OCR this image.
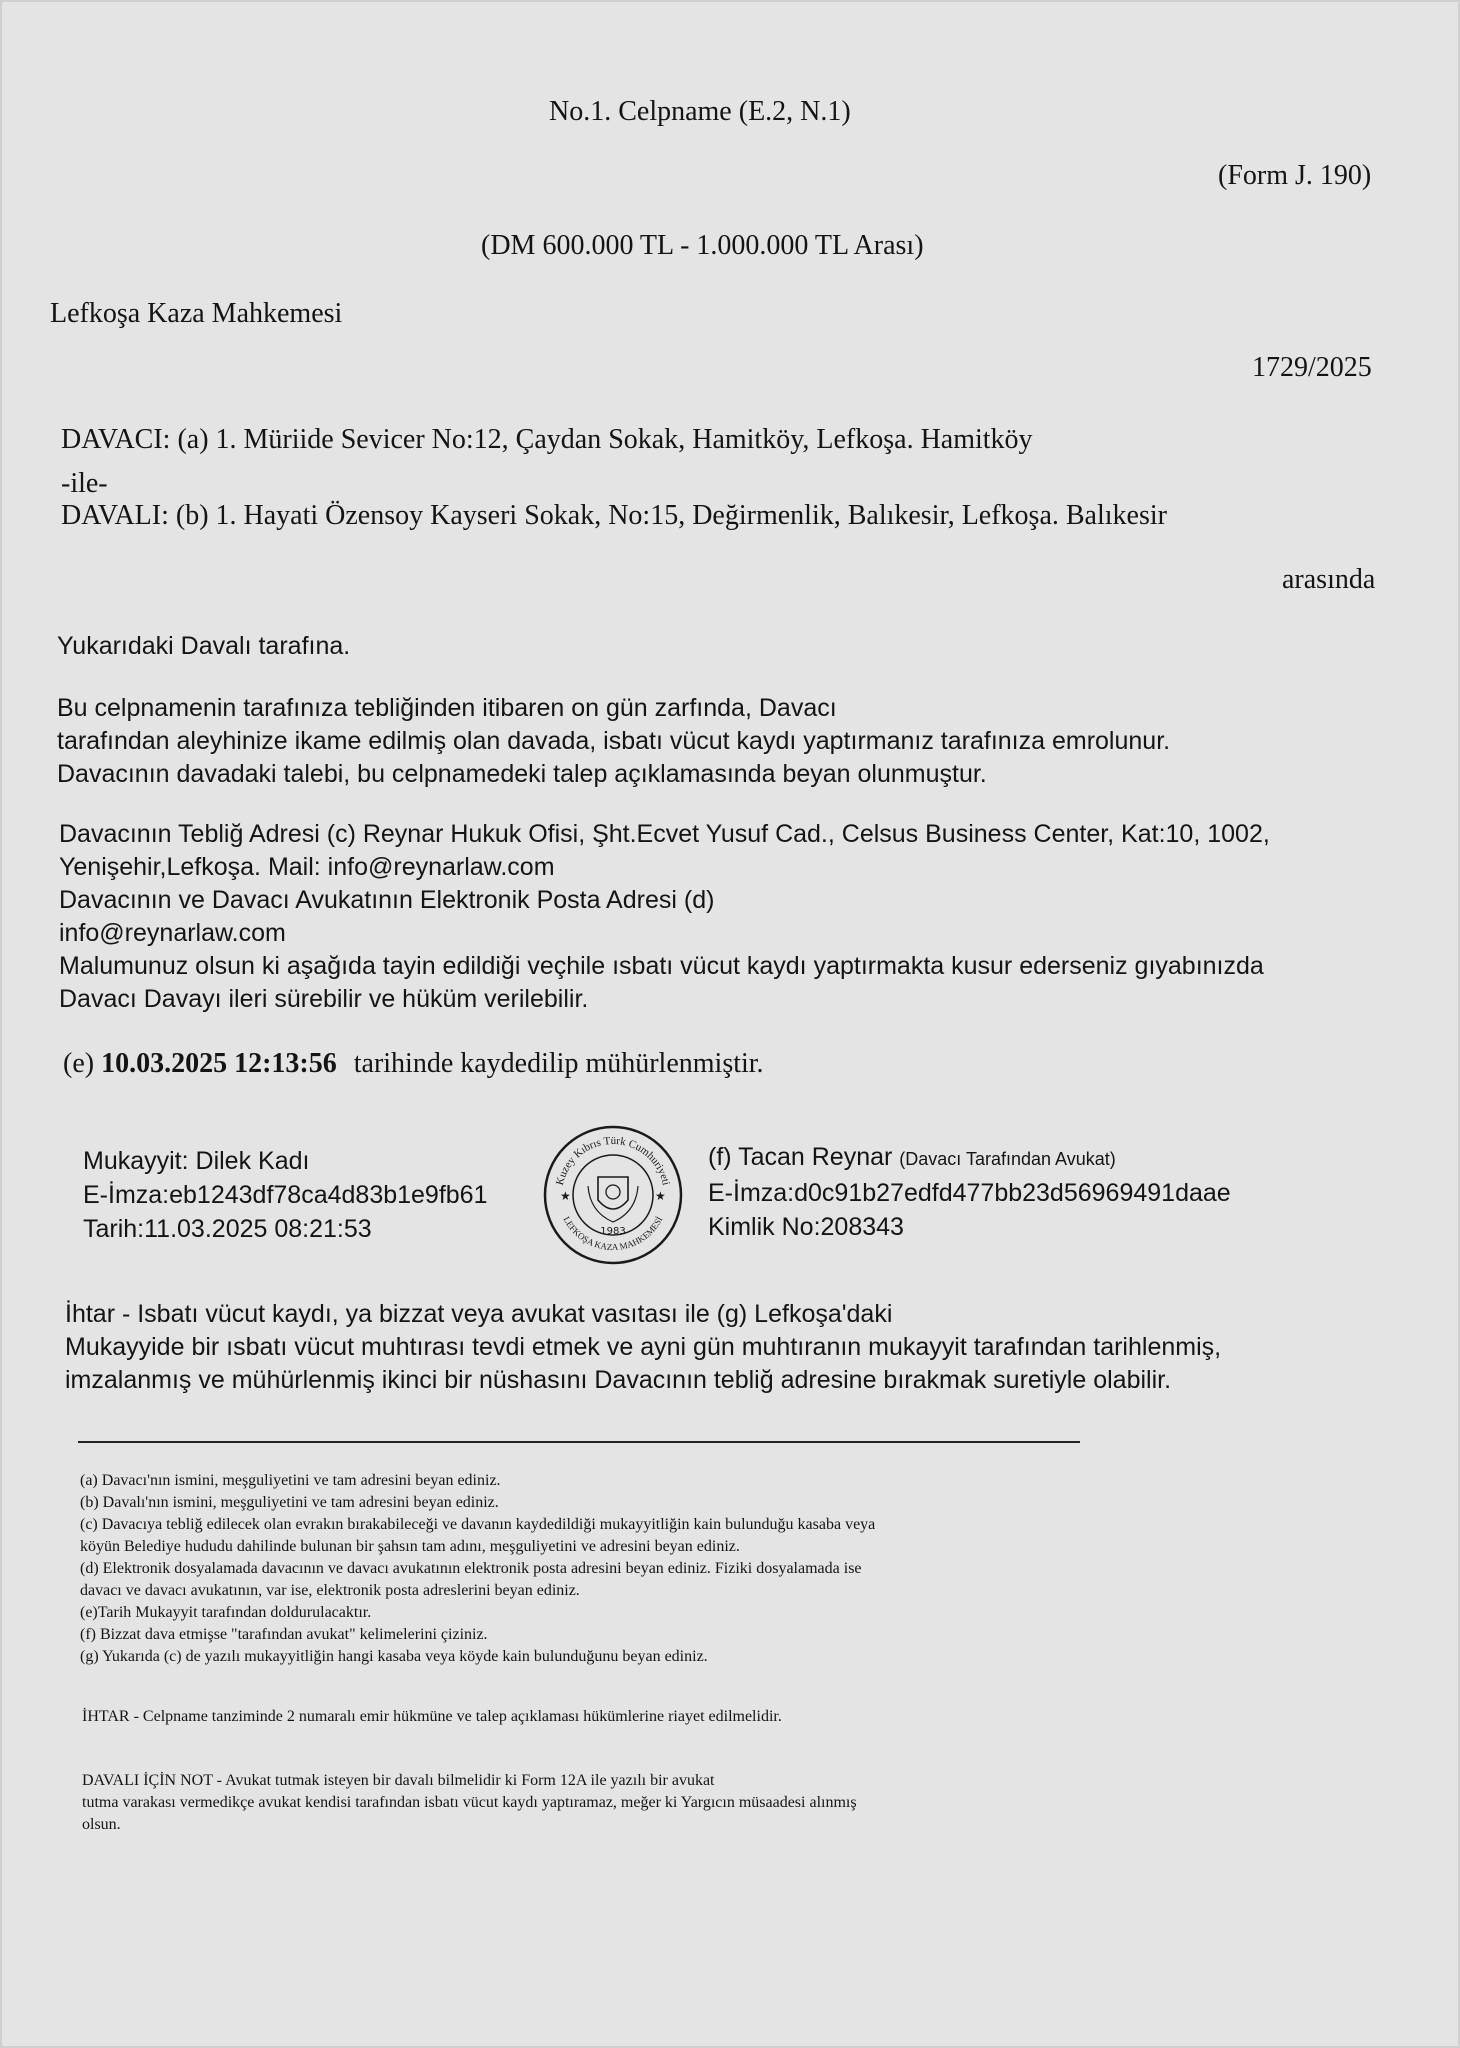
No.1. Celpname (E.2, N.1)
(Form J. 190)
(DM 600.000 TL - 1.000.000 TL Arası)
Lefkoşa Kaza Mahkemesi
1729/2025
DAVACI: (a) 1. Müriide Sevicer No:12, Çaydan Sokak, Hamitköy, Lefkoşa. Hamitköy
-ile-
DAVALI: (b) 1. Hayati Özensoy Kayseri Sokak, No:15, Değirmenlik, Balıkesir, Lefkoşa. Balıkesir
arasında
Yukarıdaki Davalı tarafına.
Bu celpnamenin tarafınıza tebliğinden itibaren on gün zarfında, Davacı
tarafından aleyhinize ikame edilmiş olan davada, isbatı vücut kaydı yaptırmanız tarafınıza emrolunur.
Davacının davadaki talebi, bu celpnamedeki talep açıklamasında beyan olunmuştur.
Davacının Tebliğ Adresi (c) Reynar Hukuk Ofisi, Şht.Ecvet Yusuf Cad., Celsus Business Center, Kat:10, 1002,
Yenişehir,Lefkoşa. Mail: info@reynarlaw.com
Davacının ve Davacı Avukatının Elektronik Posta Adresi (d)
info@reynarlaw.com
Malumunuz olsun ki aşağıda tayin edildiği veçhile ısbatı vücut kaydı yaptırmakta kusur ederseniz gıyabınızda
Davacı Davayı ileri sürebilir ve hüküm verilebilir.
(e) 10.03.2025 12:13:56 tarihinde kaydedilip mühürlenmiştir.
Mukayyit: Dilek Kadı
E-İmza:eb1243df78ca4d83b1e9fb61
Tarih:11.03.2025 08:21:53
Kuzey Kıbrıs Türk Cumhuriyeti
LEFKOŞA KAZA MAHKEMESİ
★	★
1983
(f) Tacan Reynar (Davacı Tarafından Avukat)
E-İmza:d0c91b27edfd477bb23d56969491daae
Kimlik No:208343
İhtar - Isbatı vücut kaydı, ya bizzat veya avukat vasıtası ile (g) Lefkoşa'daki
Mukayyide bir ısbatı vücut muhtırası tevdi etmek ve ayni gün muhtıranın mukayyit tarafından tarihlenmiş,
imzalanmış ve mühürlenmiş ikinci bir nüshasını Davacının tebliğ adresine bırakmak suretiyle olabilir.
(a) Davacı'nın ismini, meşguliyetini ve tam adresini beyan ediniz.
(b) Davalı'nın ismini, meşguliyetini ve tam adresini beyan ediniz.
(c) Davacıya tebliğ edilecek olan evrakın bırakabileceği ve davanın kaydedildiği mukayyitliğin kain bulunduğu kasaba veya
köyün Belediye hududu dahilinde bulunan bir şahsın tam adını, meşguliyetini ve adresini beyan ediniz.
(d) Elektronik dosyalamada davacının ve davacı avukatının elektronik posta adresini beyan ediniz. Fiziki dosyalamada ise
davacı ve davacı avukatının, var ise, elektronik posta adreslerini beyan ediniz.
(e)Tarih Mukayyit tarafından doldurulacaktır.
(f) Bizzat dava etmişse "tarafından avukat" kelimelerini çiziniz.
(g) Yukarıda (c) de yazılı mukayyitliğin hangi kasaba veya köyde kain bulunduğunu beyan ediniz.
İHTAR - Celpname tanziminde 2 numaralı emir hükmüne ve talep açıklaması hükümlerine riayet edilmelidir.
DAVALI İÇİN NOT - Avukat tutmak isteyen bir davalı bilmelidir ki Form 12A ile yazılı bir avukat
tutma varakası vermedikçe avukat kendisi tarafından isbatı vücut kaydı yaptıramaz, meğer ki Yargıcın müsaadesi alınmış
olsun.
